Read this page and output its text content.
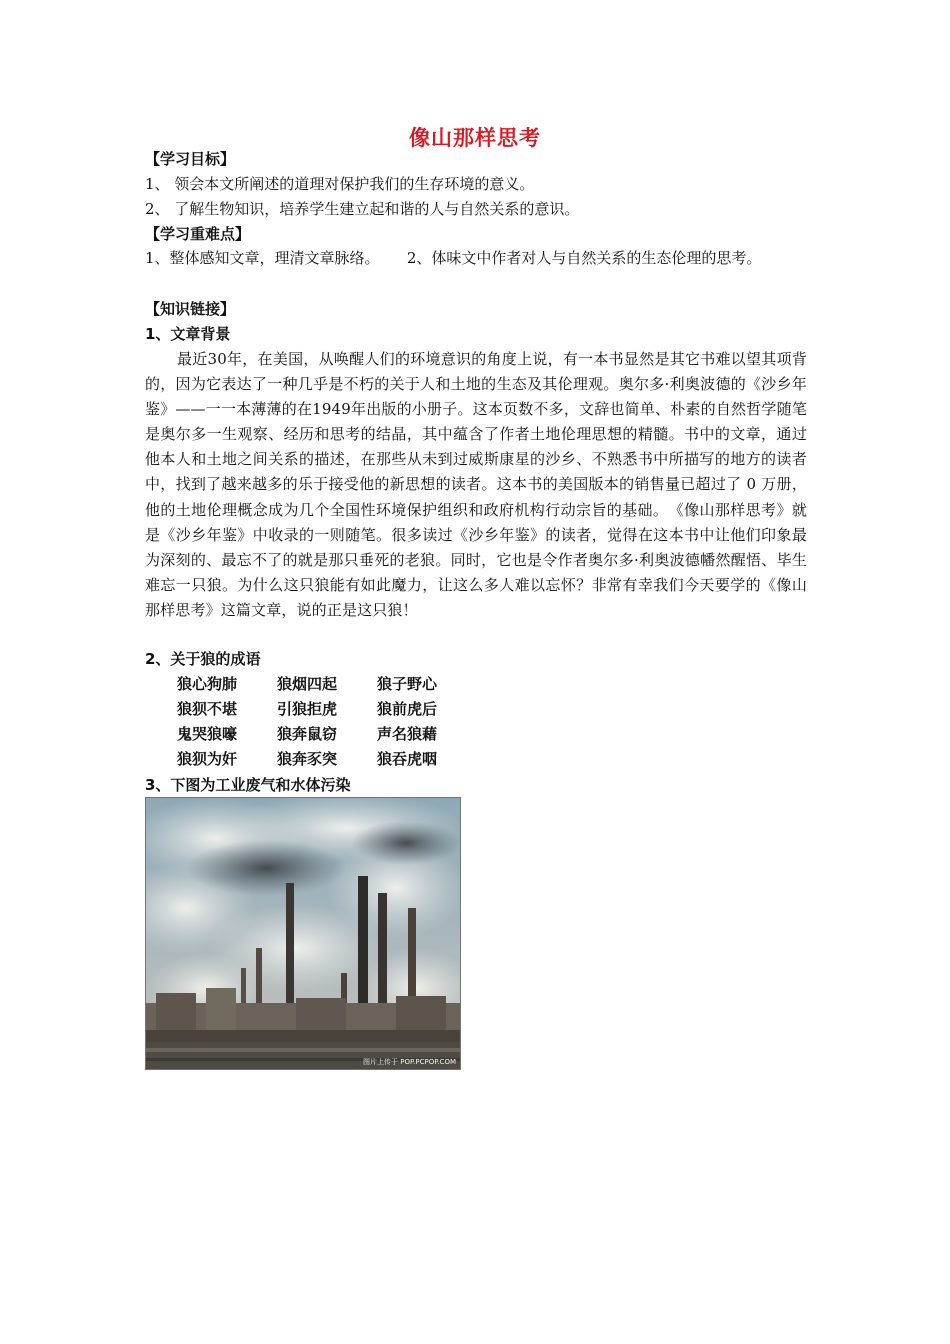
像山那样思考
【学习目标】
1、 领会本文所阐述的道理对保护我们的生存环境的意义。
2、 了解生物知识，培养学生建立起和谐的人与自然关系的意识。
【学习重难点】
1、整体感知文章，理清文章脉络。　　 2、体味文中作者对人与自然关系的生态伦理的思考。
【知识链接】
1、文章背景
最近30年，在美国，从唤醒人们的环境意识的角度上说，有一本书显然是其它书难以望其项背的，因为它表达了一种几乎是不朽的关于人和土地的生态及其伦理观。奥尔多·利奥波德的《沙乡年鉴》——一一本薄薄的在1949年出版的小册子。这本页数不多，文辞也简单、朴素的自然哲学随笔是奥尔多一生观察、经历和思考的结晶，其中蕴含了作者土地伦理思想的精髓。书中的文章，通过他本人和土地之间关系的描述，在那些从未到过威斯康星的沙乡、不熟悉书中所描写的地方的读者中，找到了越来越多的乐于接受他的新思想的读者。这本书的美国版本的销售量已超过了 0 万册，他的土地伦理概念成为几个全国性环境保护组织和政府机构行动宗旨的基础。　《像山那样思考》就是《沙乡年鉴》中收录的一则随笔。很多读过《沙乡年鉴》的读者，觉得在这本书中让他们印象最为深刻的、最忘不了的就是那只垂死的老狼。同时，它也是令作者奥尔多·利奥波德幡然醒悟、毕生难忘一只狼。为什么这只狼能有如此魔力，让这么多人难以忘怀？非常有幸我们今天要学的《像山那样思考》这篇文章，说的正是这只狼！
2、关于狼的成语
狼心狗肺	狼烟四起	狼子野心
狼狈不堪	引狼拒虎	狼前虎后
鬼哭狼嚎	狼奔鼠窃	声名狼藉
狼狈为奸	狼奔豕突	狼吞虎咽
3、下图为工业废气和水体污染
图片上传于 POP.PCPOP.COM
